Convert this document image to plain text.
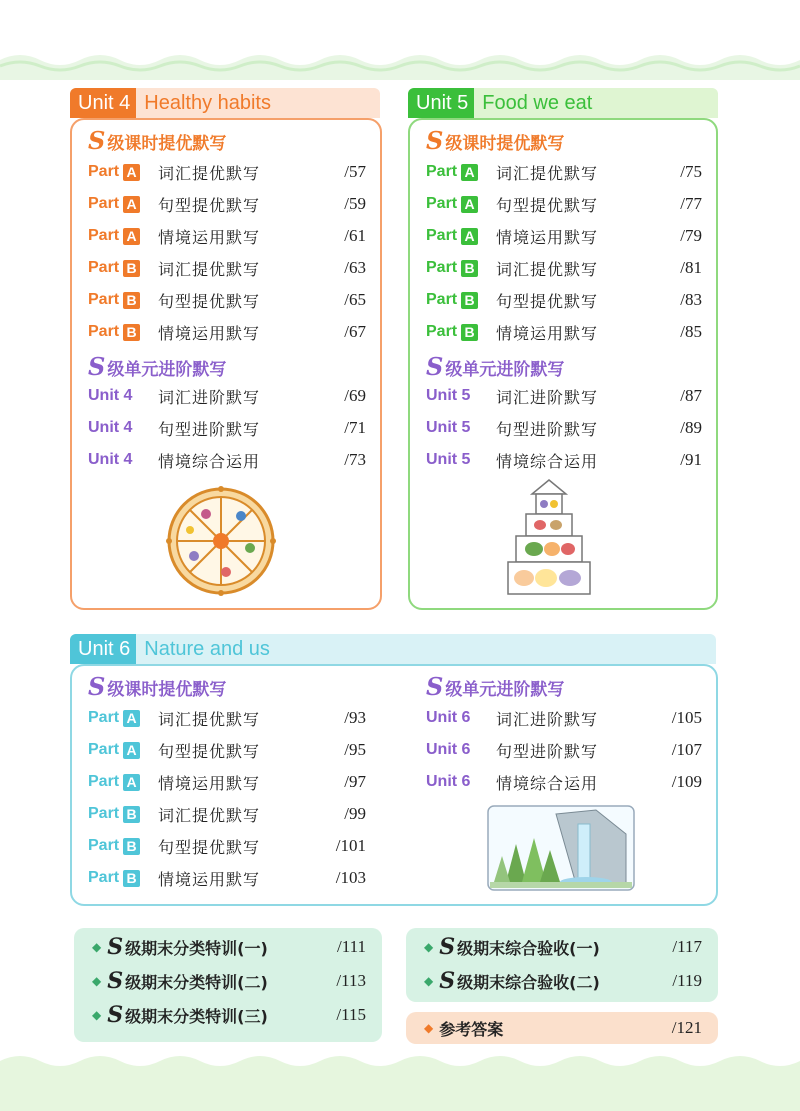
Unit 4 Healthy habits
S 级课时提优默写
Part A 词汇提优默写	/57
Part A 句型提优默写	/59
Part A 情境运用默写	/61
Part B 词汇提优默写	/63
Part B 句型提优默写	/65
Part B 情境运用默写	/67
S 级单元进阶默写
Unit 4	词汇进阶默写	/69
Unit 4	句型进阶默写	/71
Unit 4	情境综合运用	/73
Unit 5 Food we eat
S 级课时提优默写
Part A 词汇提优默写	/75
Part A 句型提优默写	/77
Part A 情境运用默写	/79
Part B 词汇提优默写	/81
Part B 句型提优默写	/83
Part B 情境运用默写	/85
S 级单元进阶默写
Unit 5	词汇进阶默写	/87
Unit 5	句型进阶默写	/89
Unit 5	情境综合运用	/91
Unit 6 Nature and us
S 级课时提优默写
Part A 词汇提优默写	/93
Part A 句型提优默写	/95
Part A 情境运用默写	/97
Part B 词汇提优默写	/99
Part B 句型提优默写	/101
Part B 情境运用默写	/103
S 级单元进阶默写
Unit 6	词汇进阶默写	/105
Unit 6	句型进阶默写	/107
Unit 6	情境综合运用	/109
◆ S 级期末分类特训(一)	/111
◆ S 级期末分类特训(二)	/113
◆ S 级期末分类特训(三)	/115
◆ S 级期末综合验收(一)	/117
◆ S 级期末综合验收(二)	/119
◆ 参考答案	/121
